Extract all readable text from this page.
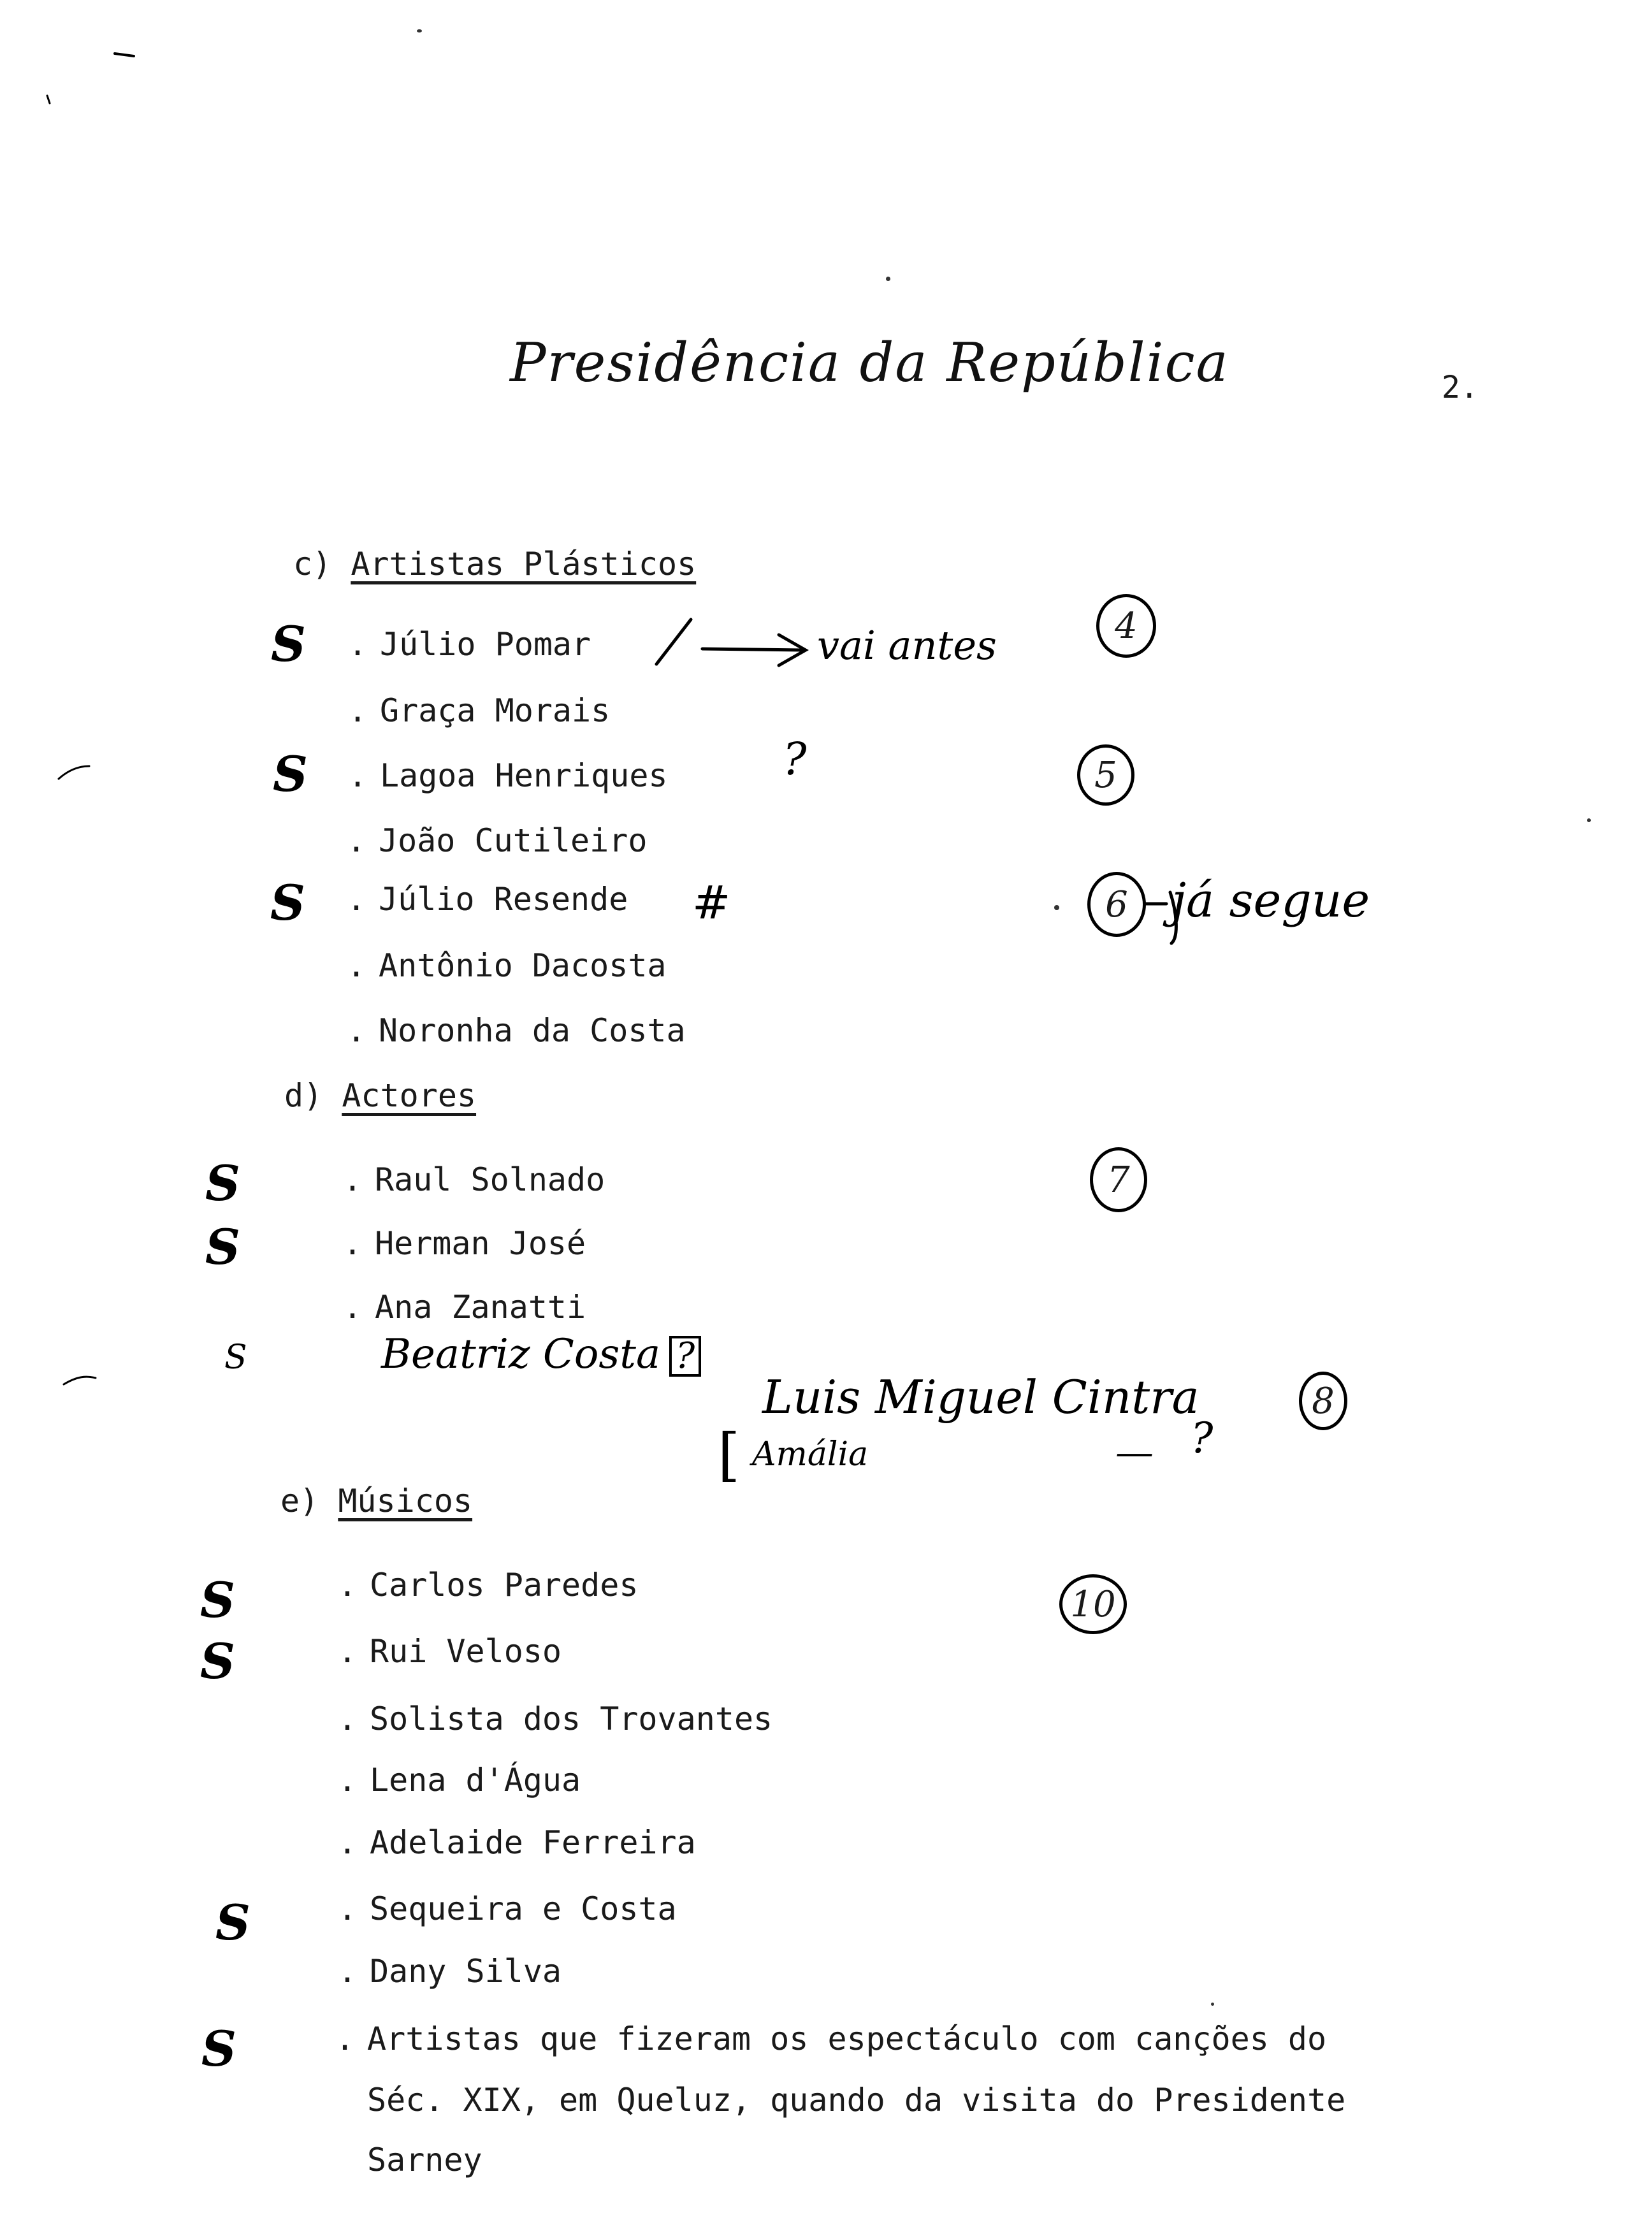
Presidência da República	2.
c) Artistas Plásticos
. Júlio Pomar
. Graça Morais
. Lagoa Henriques
. João Cutileiro
. Júlio Resende
. Antônio Dacosta
. Noronha da Costa
d) Actores
. Raul Solnado
. Herman José
. Ana Zanatti
e) Músicos
. Carlos Paredes
. Rui Veloso
. Solista dos Trovantes
. Lena d'Água
. Adelaide Ferreira
. Sequeira e Costa
. Dany Silva
. Artistas que fizeram os espectáculo com canções do
Séc. XIX, em Queluz, quando da visita do Presidente
Sarney
S
S
S
S
S
S
S
S
S
S
vai antes
?
#	já segue
Beatriz Costa ?
Luis Miguel Cintra
[ Amália	— ?
4
5
6
7
8
10
